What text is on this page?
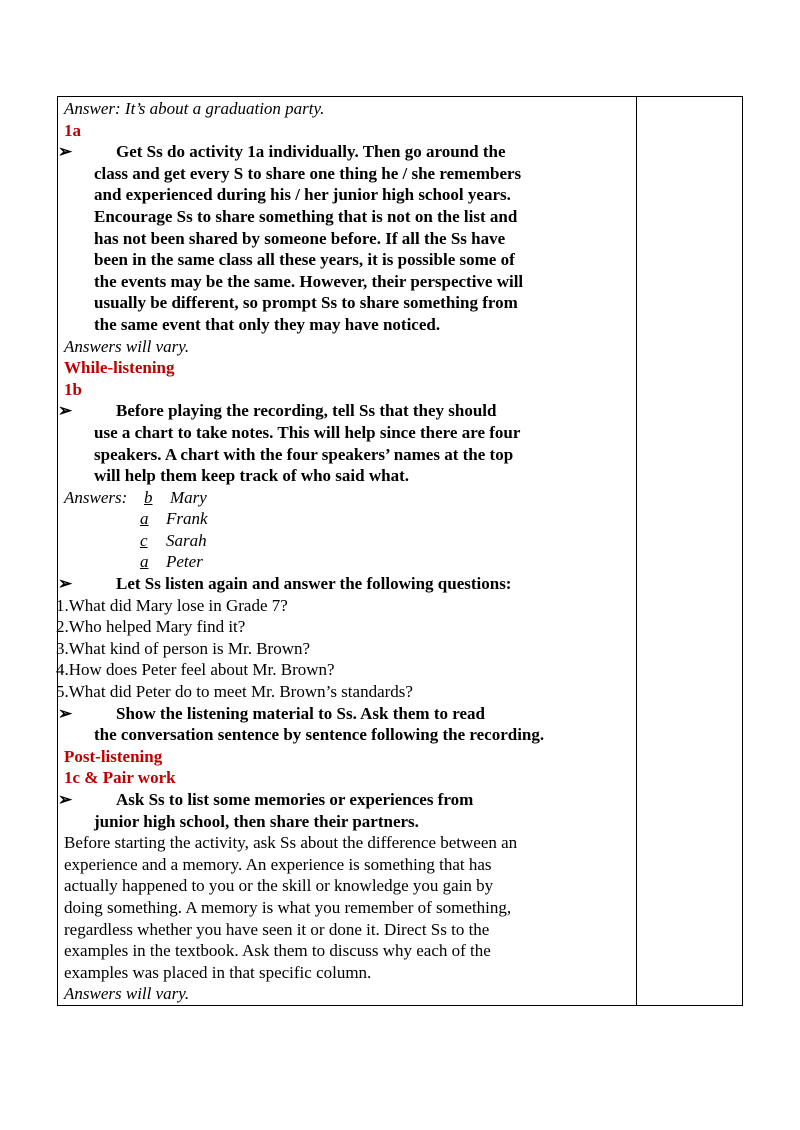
Answer: It’s about a graduation party.
1a
➢	Get Ss do activity 1a individually. Then go around the
class and get every S to share one thing he / she remembers
and experienced during his / her junior high school years.
Encourage Ss to share something that is not on the list and
has not been shared by someone before. If all the Ss have
been in the same class all these years, it is possible some of
the events may be the same. However, their perspective will
usually be different, so prompt Ss to share something from
the same event that only they may have noticed.
Answers will vary.
While-listening
1b
➢	Before playing the recording, tell Ss that they should
use a chart to take notes. This will help since there are four
speakers. A chart with the four speakers’ names at the top
will help them keep track of who said what.
Answers: b Mary
a Frank
c Sarah
a Peter
➢	Let Ss listen again and answer the following questions:
1.What did Mary lose in Grade 7?
2.Who helped Mary find it?
3.What kind of person is Mr. Brown?
4.How does Peter feel about Mr. Brown?
5.What did Peter do to meet Mr. Brown’s standards?
➢	Show the listening material to Ss. Ask them to read
the conversation sentence by sentence following the recording.
Post-listening
1c & Pair work
➢	Ask Ss to list some memories or experiences from
junior high school, then share their partners.
Before starting the activity, ask Ss about the difference between an
experience and a memory. An experience is something that has
actually happened to you or the skill or knowledge you gain by
doing something. A memory is what you remember of something,
regardless whether you have seen it or done it. Direct Ss to the
examples in the textbook. Ask them to discuss why each of the
examples was placed in that specific column.
Answers will vary.
